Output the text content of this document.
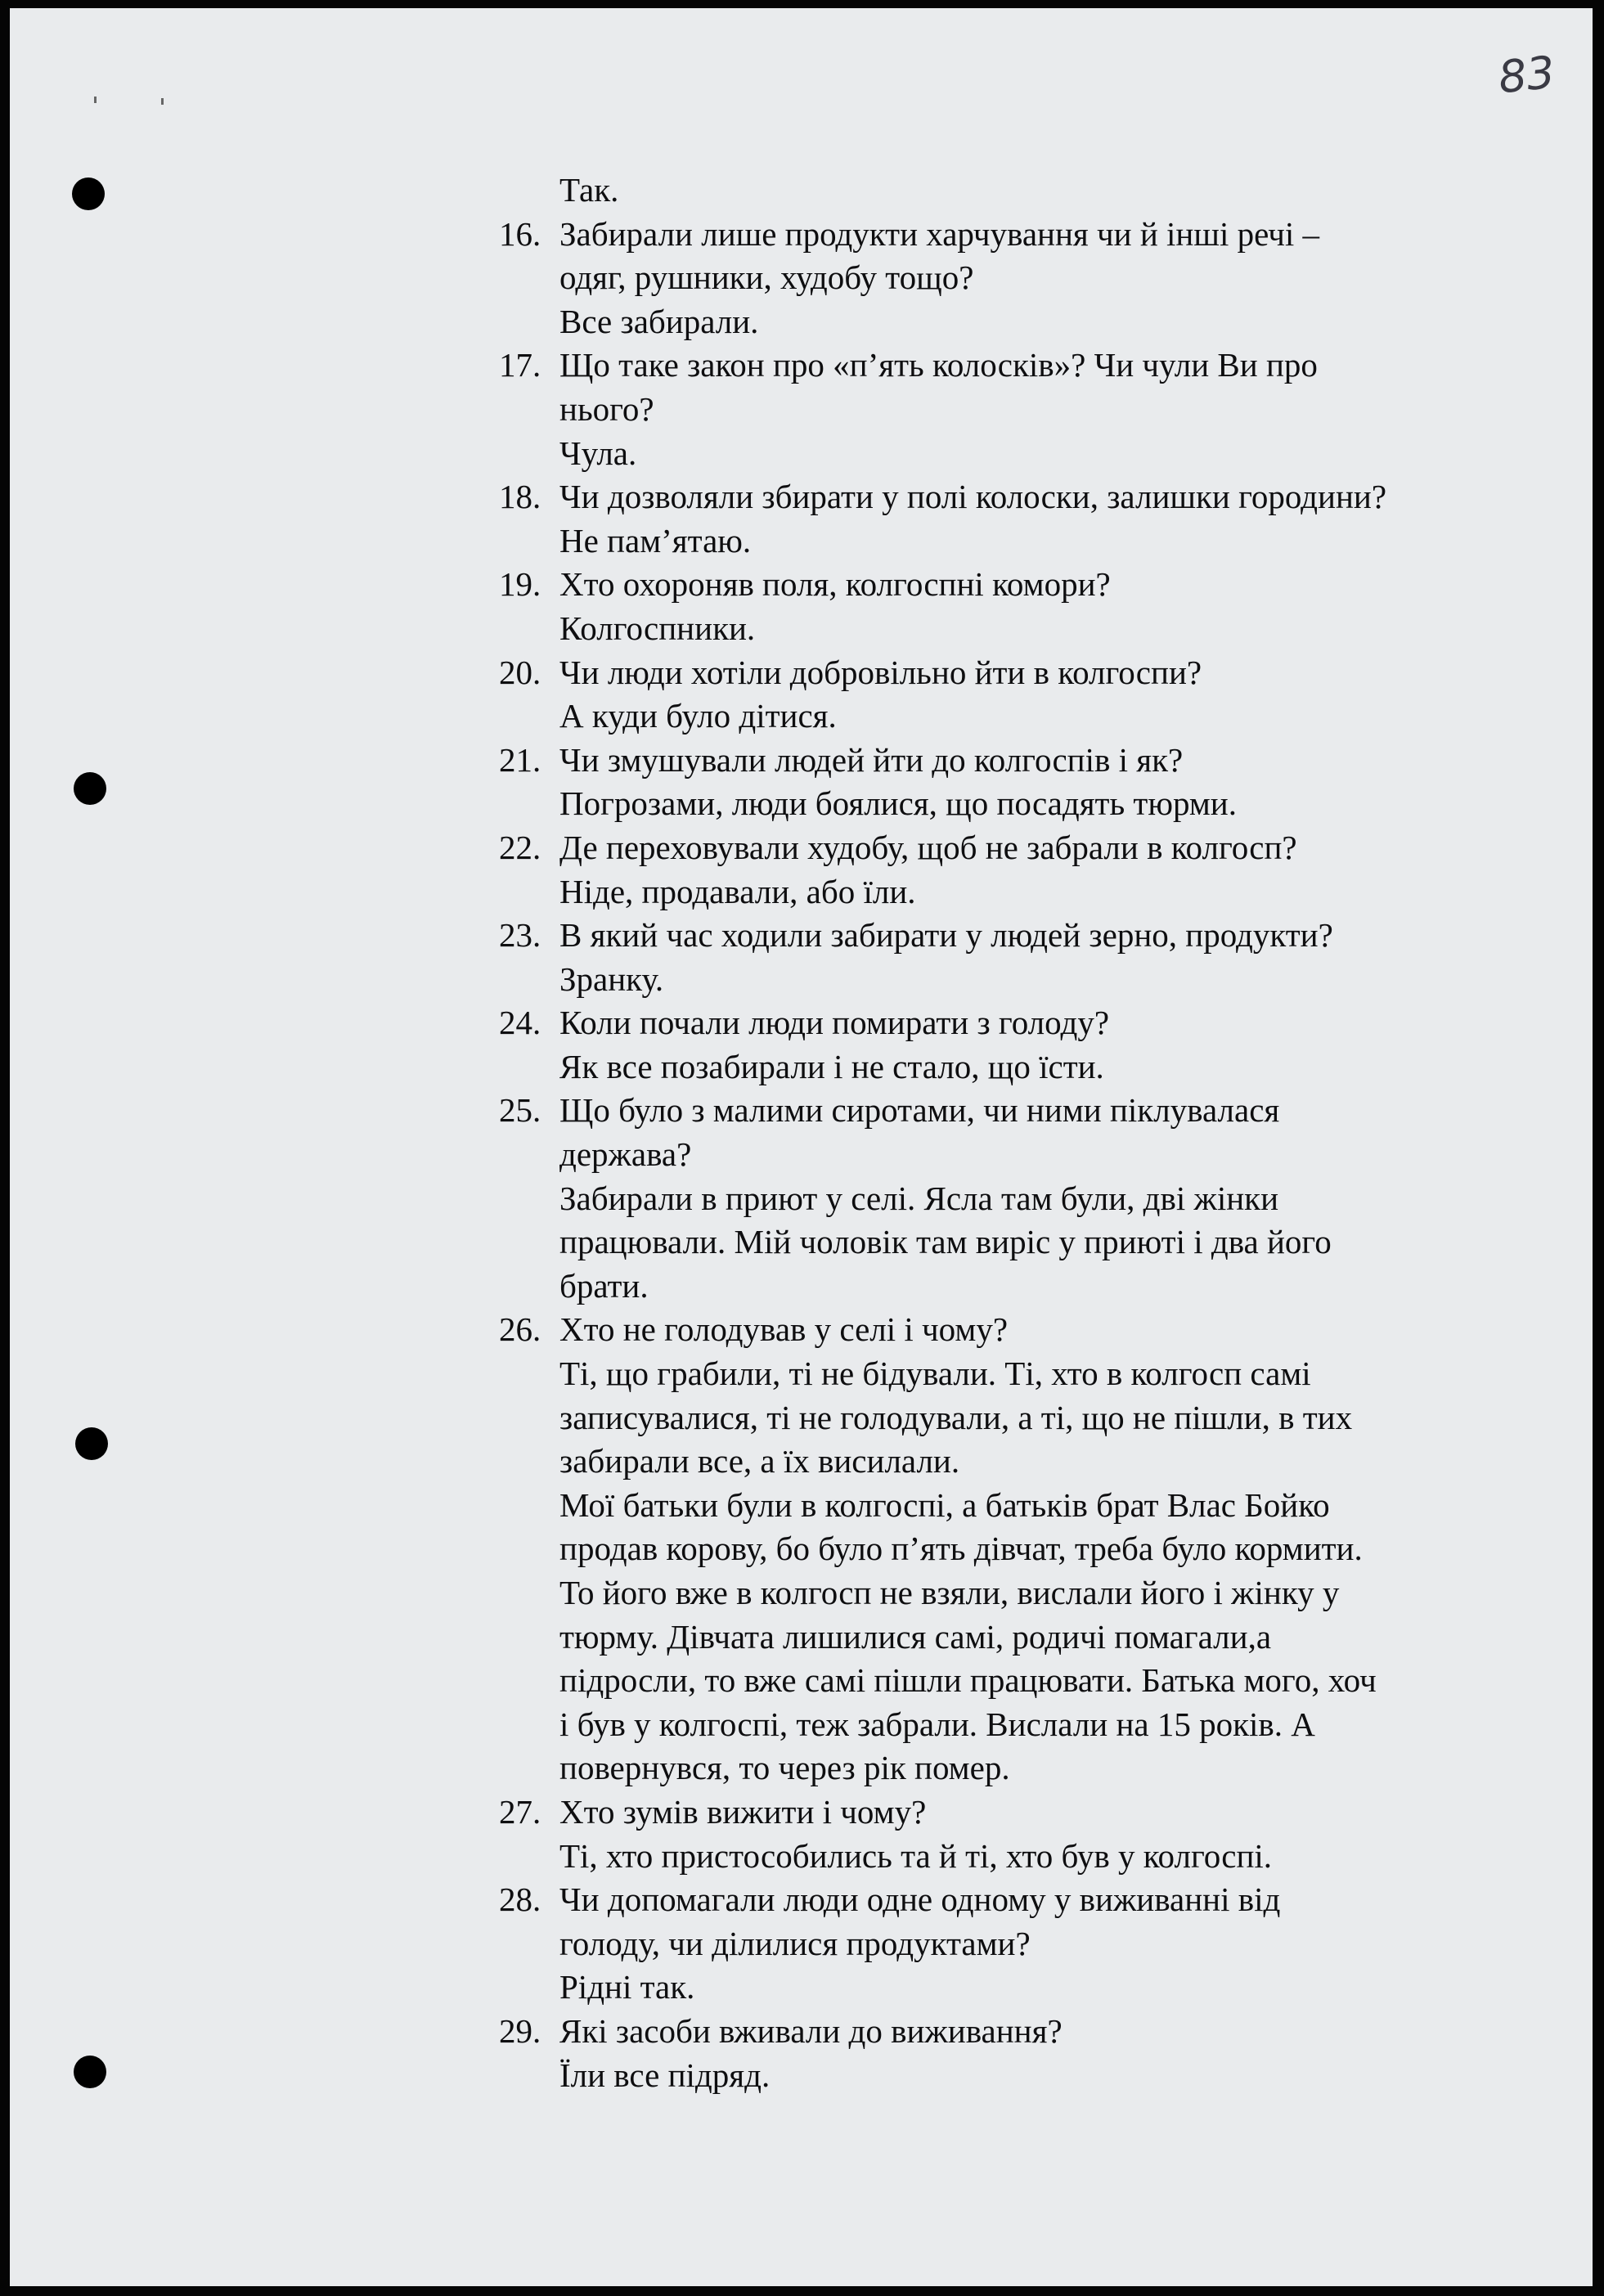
83
Так.
16. Забирали лише продукти харчування чи й інші речі –
одяг, рушники, худобу тощо?
Все забирали.
17. Що таке закон про «п’ять колосків»? Чи чули Ви про
нього?
Чула.
18. Чи дозволяли збирати у полі колоски, залишки городини?
Не пам’ятаю.
19. Хто охороняв поля, колгоспні комори?
Колгоспники.
20. Чи люди хотіли добровільно йти в колгоспи?
А куди було дітися.
21. Чи змушували людей йти до колгоспів і як?
Погрозами, люди боялися, що посадять тюрми.
22. Де переховували худобу, щоб не забрали в колгосп?
Ніде, продавали, або їли.
23. В який час ходили забирати у людей зерно, продукти?
Зранку.
24. Коли почали люди помирати з голоду?
Як все позабирали і не стало, що їсти.
25. Що було з малими сиротами, чи ними піклувалася
держава?
Забирали в приют у селі. Ясла там були, дві жінки
працювали. Мій чоловік там виріс у приюті і два його
брати.
26. Хто не голодував у селі і чому?
Ті, що грабили, ті не бідували. Ті, хто в колгосп самі
записувалися, ті не голодували, а ті, що не пішли, в тих
забирали все, а їх висилали.
Мої батьки були в колгоспі, а батьків брат Влас Бойко
продав корову, бо було п’ять дівчат, треба було кормити.
То його вже в колгосп не взяли, вислали його і жінку у
тюрму. Дівчата лишилися самі, родичі помагали,а
підросли, то вже самі пішли працювати. Батька мого, хоч
і був у колгоспі, теж забрали. Вислали на 15 років. А
повернувся, то через рік помер.
27. Хто зумів вижити і чому?
Ті, хто пристособились та й ті, хто був у колгоспі.
28. Чи допомагали люди одне одному у виживанні від
голоду, чи ділилися продуктами?
Рідні так.
29. Які засоби вживали до виживання?
Їли все підряд.
